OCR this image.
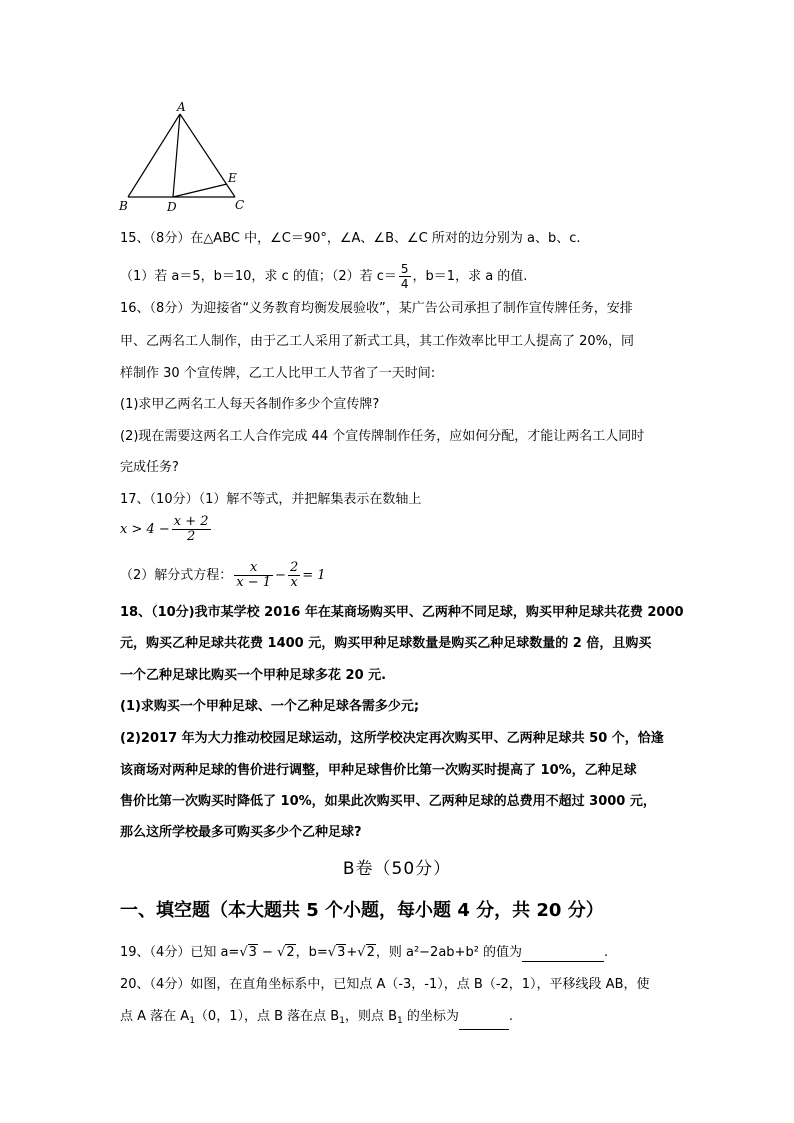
A
B	D	C
E
15、（8分）在△ABC 中，∠C＝90°，∠A、∠B、∠C 所对的边分别为 a、b、c.
（1）若 a＝5，b＝10，求 c 的值；（2）若 $c= \frac{5}{4}$ ，b＝1，求 a 的值.
16、（8分）为迎接省“义务教育均衡发展验收”，某广告公司承担了制作宣传牌任务，安排
甲、乙两名工人制作，由于乙工人采用了新式工具，其工作效率比甲工人提高了 20%，同
样制作 30 个宣传牌，乙工人比甲工人节省了一天时间:
(1)求甲乙两名工人每天各制作多少个宣传牌?
(2)现在需要这两名工人合作完成 44 个宣传牌制作任务，应如何分配，才能让两名工人同时
完成任务?
17、（10分）（1）解不等式，并把解集表示在数轴上
$x > 4 - \frac{x + 2}{2}$
（2）解分式方程： $\frac{x}{x - 1} - \frac{2}{x} = 1$
18、（10分)我市某学校 2016 年在某商场购买甲、乙两种不同足球，购买甲种足球共花费 2000
元，购买乙种足球共花费 1400 元，购买甲种足球数量是购买乙种足球数量的 2 倍，且购买
一个乙种足球比购买一个甲种足球多花 20 元.
(1)求购买一个甲种足球、一个乙种足球各需多少元;
(2)2017 年为大力推动校园足球运动，这所学校决定再次购买甲、乙两种足球共 50 个，恰逢
该商场对两种足球的售价进行调整，甲种足球售价比第一次购买时提高了 10%，乙种足球
售价比第一次购买时降低了 10%，如果此次购买甲、乙两种足球的总费用不超过 3000 元，
那么这所学校最多可购买多少个乙种足球?
B卷（50分）
一、填空题（本大题共 5 个小题，每小题 4 分，共 20 分）
19、（4分）已知 a=√3 − √2，b=√3+√2，则 a²−2ab+b² 的值为	.
20、（4分）如图，在直角坐标系中，已知点 A（-3，-1），点 B（-2，1），平移线段 AB，使
点 A 落在 $A_1(0$，1），点 B 落在点 $B_1$，则点 $B_1$ 的坐标为	.
